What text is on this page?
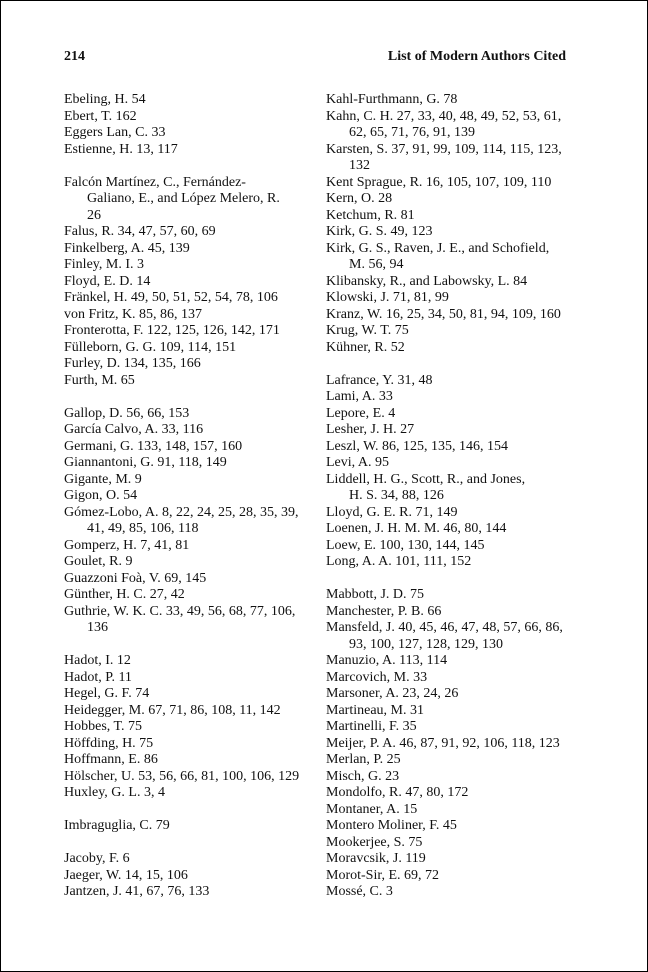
214	List of Modern Authors Cited
Ebeling, H. 54
Ebert, T. 162
Eggers Lan, C. 33
Estienne, H. 13, 117
Falcón Martínez, C., Fernández-
Galiano, E., and López Melero, R.
26
Falus, R. 34, 47, 57, 60, 69
Finkelberg, A. 45, 139
Finley, M. I. 3
Floyd, E. D. 14
Fränkel, H. 49, 50, 51, 52, 54, 78, 106
von Fritz, K. 85, 86, 137
Fronterotta, F. 122, 125, 126, 142, 171
Fülleborn, G. G. 109, 114, 151
Furley, D. 134, 135, 166
Furth, M. 65
Gallop, D. 56, 66, 153
García Calvo, A. 33, 116
Germani, G. 133, 148, 157, 160
Giannantoni, G. 91, 118, 149
Gigante, M. 9
Gigon, O. 54
Gómez-Lobo, A. 8, 22, 24, 25, 28, 35, 39,
41, 49, 85, 106, 118
Gomperz, H. 7, 41, 81
Goulet, R. 9
Guazzoni Foà, V. 69, 145
Günther, H. C. 27, 42
Guthrie, W. K. C. 33, 49, 56, 68, 77, 106,
136
Hadot, I. 12
Hadot, P. 11
Hegel, G. F. 74
Heidegger, M. 67, 71, 86, 108, 11, 142
Hobbes, T. 75
Höffding, H. 75
Hoffmann, E. 86
Hölscher, U. 53, 56, 66, 81, 100, 106, 129
Huxley, G. L. 3, 4
Imbraguglia, C. 79
Jacoby, F. 6
Jaeger, W. 14, 15, 106
Jantzen, J. 41, 67, 76, 133
Kahl-Furthmann, G. 78
Kahn, C. H. 27, 33, 40, 48, 49, 52, 53, 61,
62, 65, 71, 76, 91, 139
Karsten, S. 37, 91, 99, 109, 114, 115, 123,
132
Kent Sprague, R. 16, 105, 107, 109, 110
Kern, O. 28
Ketchum, R. 81
Kirk, G. S. 49, 123
Kirk, G. S., Raven, J. E., and Schofield,
M. 56, 94
Klibansky, R., and Labowsky, L. 84
Klowski, J. 71, 81, 99
Kranz, W. 16, 25, 34, 50, 81, 94, 109, 160
Krug, W. T. 75
Kühner, R. 52
Lafrance, Y. 31, 48
Lami, A. 33
Lepore, E. 4
Lesher, J. H. 27
Leszl, W. 86, 125, 135, 146, 154
Levi, A. 95
Liddell, H. G., Scott, R., and Jones,
H. S. 34, 88, 126
Lloyd, G. E. R. 71, 149
Loenen, J. H. M. M. 46, 80, 144
Loew, E. 100, 130, 144, 145
Long, A. A. 101, 111, 152
Mabbott, J. D. 75
Manchester, P. B. 66
Mansfeld, J. 40, 45, 46, 47, 48, 57, 66, 86,
93, 100, 127, 128, 129, 130
Manuzio, A. 113, 114
Marcovich, M. 33
Marsoner, A. 23, 24, 26
Martineau, M. 31
Martinelli, F. 35
Meijer, P. A. 46, 87, 91, 92, 106, 118, 123
Merlan, P. 25
Misch, G. 23
Mondolfo, R. 47, 80, 172
Montaner, A. 15
Montero Moliner, F. 45
Mookerjee, S. 75
Moravcsik, J. 119
Morot-Sir, E. 69, 72
Mossé, C. 3
